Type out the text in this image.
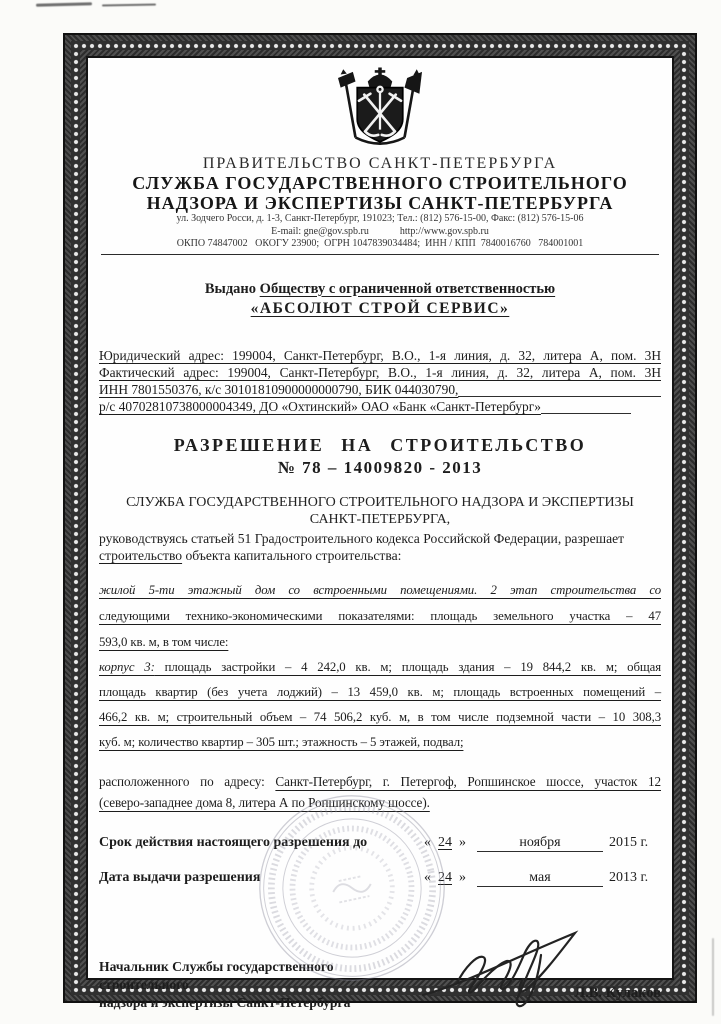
ПРАВИТЕЛЬСТВО САНКТ-ПЕТЕРБУРГА
СЛУЖБА ГОСУДАРСТВЕННОГО СТРОИТЕЛЬНОГО
НАДЗОРА И ЭКСПЕРТИЗЫ САНКТ-ПЕТЕРБУРГА
ул. Зодчего Росси, д. 1-3, Санкт-Петербург, 191023; Тел.: (812) 576-15-00, Факс: (812) 576-15-06
E-mail: gne@gov.spb.ru	http://www.gov.spb.ru
ОКПО 74847002   ОКОГУ 23900;  ОГРН 1047839034484;  ИНН / КПП  7840016760   784001001
Выдано Обществу с ограниченной ответственностью
«АБСОЛЮТ СТРОЙ СЕРВИС»
Юридический адрес: 199004, Санкт-Петербург, В.О., 1-я линия, д. 32, литера А, пом. 3Н
Фактический адрес: 199004, Санкт-Петербург, В.О., 1-я линия, д. 32, литера А, пом. 3Н
ИНН 7801550376, к/с 30101810900000000790, БИК 044030790,
р/с 40702810738000004349, ДО «Охтинский» ОАО «Банк «Санкт-Петербург»
РАЗРЕШЕНИЕ НА СТРОИТЕЛЬСТВО
№ 78 – 14009820 - 2013
СЛУЖБА ГОСУДАРСТВЕННОГО СТРОИТЕЛЬНОГО НАДЗОРА И ЭКСПЕРТИЗЫ
САНКТ-ПЕТЕРБУРГА,
руководствуясь статьей 51 Градостроительного кодекса Российской Федерации, разрешает
строительство объекта капитального строительства:
жилой 5-ти этажный дом со встроенными помещениями. 2 этап строительства со
следующими технико-экономическими показателями: площадь земельного участка – 47
593,0 кв. м, в том числе:
корпус 3: площадь застройки – 4 242,0 кв. м; площадь здания – 19 844,2 кв. м; общая
площадь квартир (без учета лоджий) – 13 459,0 кв. м; площадь встроенных помещений –
466,2 кв. м; строительный объем – 74 506,2 куб. м, в том числе подземной части – 10 308,3
куб. м; количество квартир – 305 шт.; этажность – 5 этажей, подвал;
расположенного по адресу: Санкт-Петербург, г. Петергоф, Ропшинское шоссе, участок 12
(северо-западнее дома 8, литера А по Ропшинскому шоссе).
Срок действия настоящего разрешения до	« 24 »	ноября	2015 г.
Дата выдачи разрешения	« 24 »	мая	2013 г.
Начальник Службы государственного строительного
надзора и экспертизы Санкт-Петербурга
Л.В. Кулаков
